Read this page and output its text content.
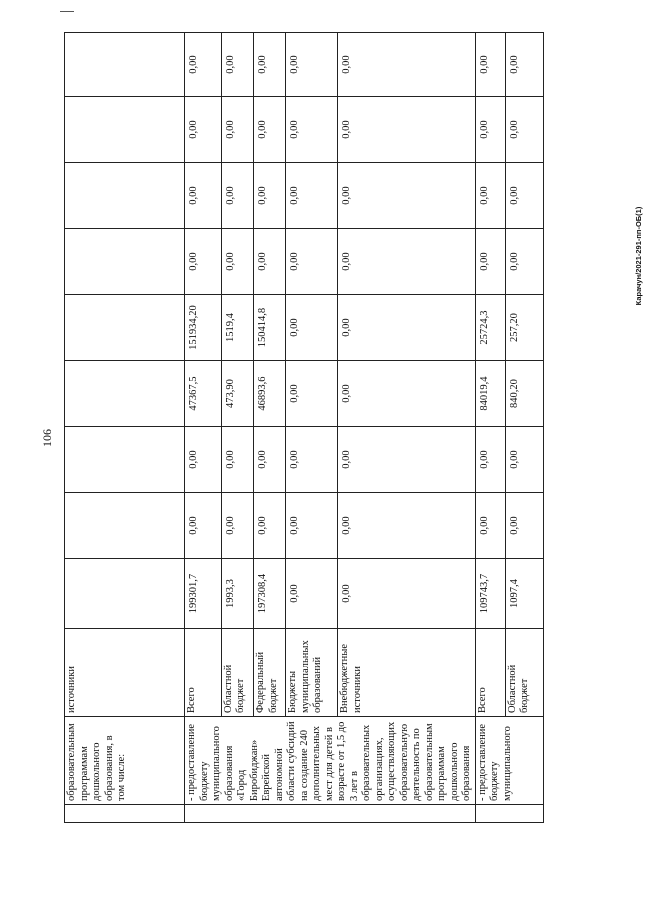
106
Карачун/2021-291-пп-ОБ(1)
	образовательным программам дошкольного образования, в том числе:	источники									
	- предоставление бюджету муниципального образования «Город Биробиджан» Еврейской автономной области субсидий на создание 240 дополнительных мест для детей в возрасте от 1,5 до 3 лет в образовательных организациях, осуществляющих образовательную деятельность по образовательным программам дошкольного образования	Всего	199301,7	0,00	0,00	47367,5	151934,20	0,00	0,00	0,00	0,00
		Областной бюджет	1993,3	0,00	0,00	473,90	1519,4	0,00	0,00	0,00	0,00
		Федеральный бюджет	197308,4	0,00	0,00	46893,6	150414,8	0,00	0,00	0,00	0,00
		Бюджеты муниципальных образований	0,00	0,00	0,00	0,00	0,00	0,00	0,00	0,00	0,00
		Внебюджетные источники	0,00	0,00	0,00	0,00	0,00	0,00	0,00	0,00	0,00
	- предоставление бюджету муниципального	Всего	109743,7	0,00	0,00	84019,4	25724,3	0,00	0,00	0,00	0,00
		Областной бюджет	1097,4	0,00	0,00	840,20	257,20	0,00	0,00	0,00	0,00
